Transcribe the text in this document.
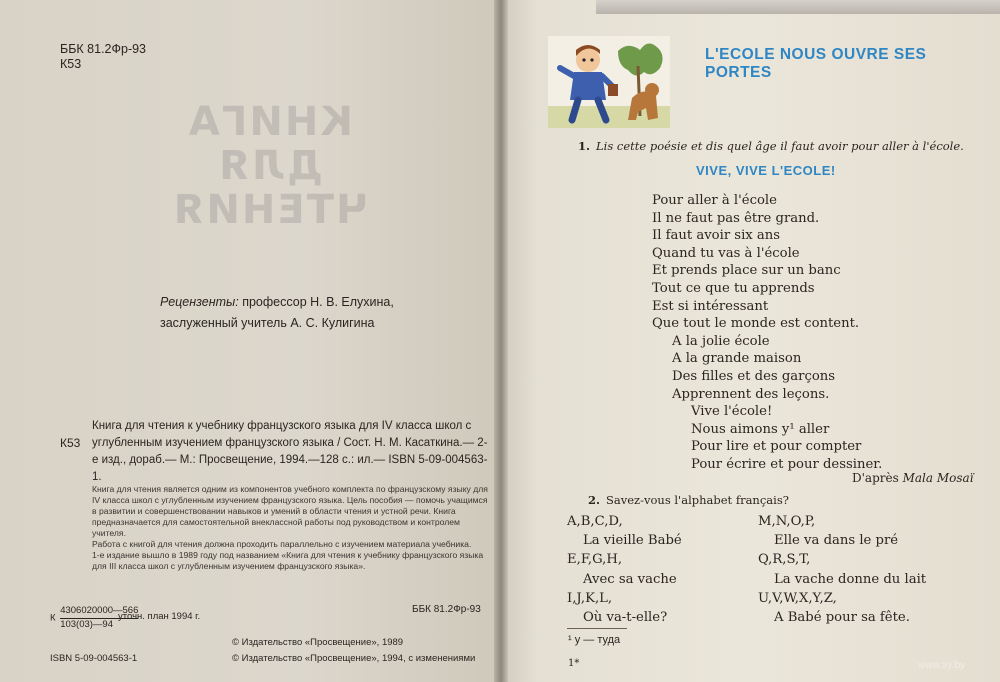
ББК 81.2Фр-93
К53
КНИГА
ДЛЯ
ЧТЕНИЯ
Рецензенты: профессор Н. В. Елухина,
заслуженный учитель А. С. Кулигина
К53
Книга для чтения к учебнику французского языка для IV класса школ с углубленным изучением французского языка / Сост. Н. М. Касаткина.— 2-е изд., дораб.— М.: Просвещение, 1994.—128 с.: ил.— ISBN 5-09-004563-1.

Книга для чтения является одним из компонентов учебного комплекта по французскому языку для IV класса школ с углубленным изучением французского языка. Цель пособия — помочь учащимся в развитии и совершенствовании навыков и умений в области чтения и устной речи. Книга предназначается для самостоятельной внеклассной работы под руководством и контролем учителя.

Работа с книгой для чтения должна проходить параллельно с изучением материала учебника.

1-е издание вышло в 1989 году под названием «Книга для чтения к учебнику французского языка для III класса школ с углубленным изучением французского языка».

К $\frac{4306020000—566}{103(03)—94}$
уточн. план 1994 г.
ББК 81.2Фр-93
© Издательство «Просвещение», 1989
© Издательство «Просвещение», 1994, с изменениями
ISBN 5-09-004563-1
L'ECOLE NOUS OUVRE SES PORTES
1. Lis cette poésie et dis quel âge il faut avoir pour aller à l'école.
VIVE, VIVE L'ECOLE!
Pour aller à l'école
Il ne faut pas être grand.
Il faut avoir six ans
Quand tu vas à l'école
Et prends place sur un banc
Tout ce que tu apprends
Est si intéressant
Que tout le monde est content.
A la jolie école
A la grande maison
Des filles et des garçons
Apprennent des leçons.
Vive l'école!
Nous aimons y¹ aller
Pour lire et pour compter
Pour écrire et pour dessiner.
D'après Mala Mosaï
2. Savez-vous l'alphabet français?
A,B,C,D,
La vieille Babé
E,F,G,H,
Avec sa vache
I,J,K,L,
Où va-t-elle?
M,N,O,P,
Elle va dans le pré
Q,R,S,T,
La vache donne du lait
U,V,W,X,Y,Z,
A Babé pour sa fête.
¹ у — туда
1*	www.ay.by
